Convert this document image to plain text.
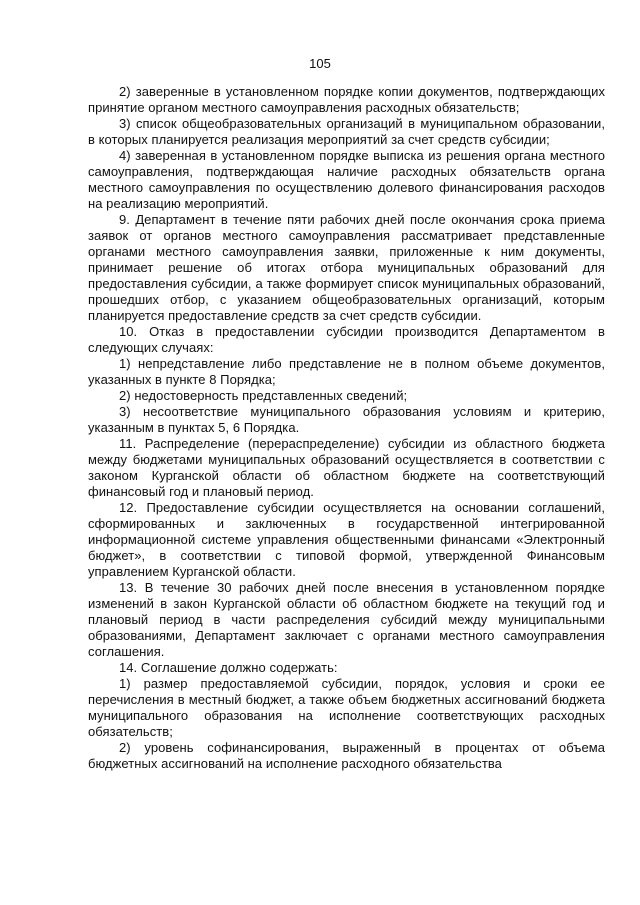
105

2) заверенные в установленном порядке копии документов, подтверждающих принятие органом местного самоуправления расходных обязательств;

3) список общеобразовательных организаций в муниципальном образовании, в которых планируется реализация мероприятий за счет средств субсидии;

4) заверенная в установленном порядке выписка из решения органа местного самоуправления, подтверждающая наличие расходных обязательств органа местного самоуправления по осуществлению долевого финансирования расходов на реализацию мероприятий.

9. Департамент в течение пяти рабочих дней после окончания срока приема заявок от органов местного самоуправления рассматривает представленные органами местного самоуправления заявки, приложенные к ним документы, принимает решение об итогах отбора муниципальных образований для предоставления субсидии, а также формирует список муниципальных образований, прошедших отбор, с указанием общеобразовательных организаций, которым планируется предоставление средств за счет средств субсидии.

10. Отказ в предоставлении субсидии производится Департаментом в следующих случаях:

1) непредставление либо представление не в полном объеме документов, указанных в пункте 8 Порядка;

2) недостоверность представленных сведений;

3) несоответствие муниципального образования условиям и критерию, указанным в пунктах 5, 6 Порядка.

11. Распределение (перераспределение) субсидии из областного бюджета между бюджетами муниципальных образований осуществляется в соответствии с законом Курганской области об областном бюджете на соответствующий финансовый год и плановый период.

12. Предоставление субсидии осуществляется на основании соглашений, сформированных и заключенных в государственной интегрированной информационной системе управления общественными финансами «Электронный бюджет», в соответствии с типовой формой, утвержденной Финансовым управлением Курганской области.

13. В течение 30 рабочих дней после внесения в установленном порядке изменений в закон Курганской области об областном бюджете на текущий год и плановый период в части распределения субсидий между муниципальными образованиями, Департамент заключает с органами местного самоуправления соглашения.

14. Соглашение должно содержать:

1) размер предоставляемой субсидии, порядок, условия и сроки ее перечисления в местный бюджет, а также объем бюджетных ассигнований бюджета муниципального образования на исполнение соответствующих расходных обязательств;

2) уровень софинансирования, выраженный в процентах от объема бюджетных ассигнований на исполнение расходного обязательства
